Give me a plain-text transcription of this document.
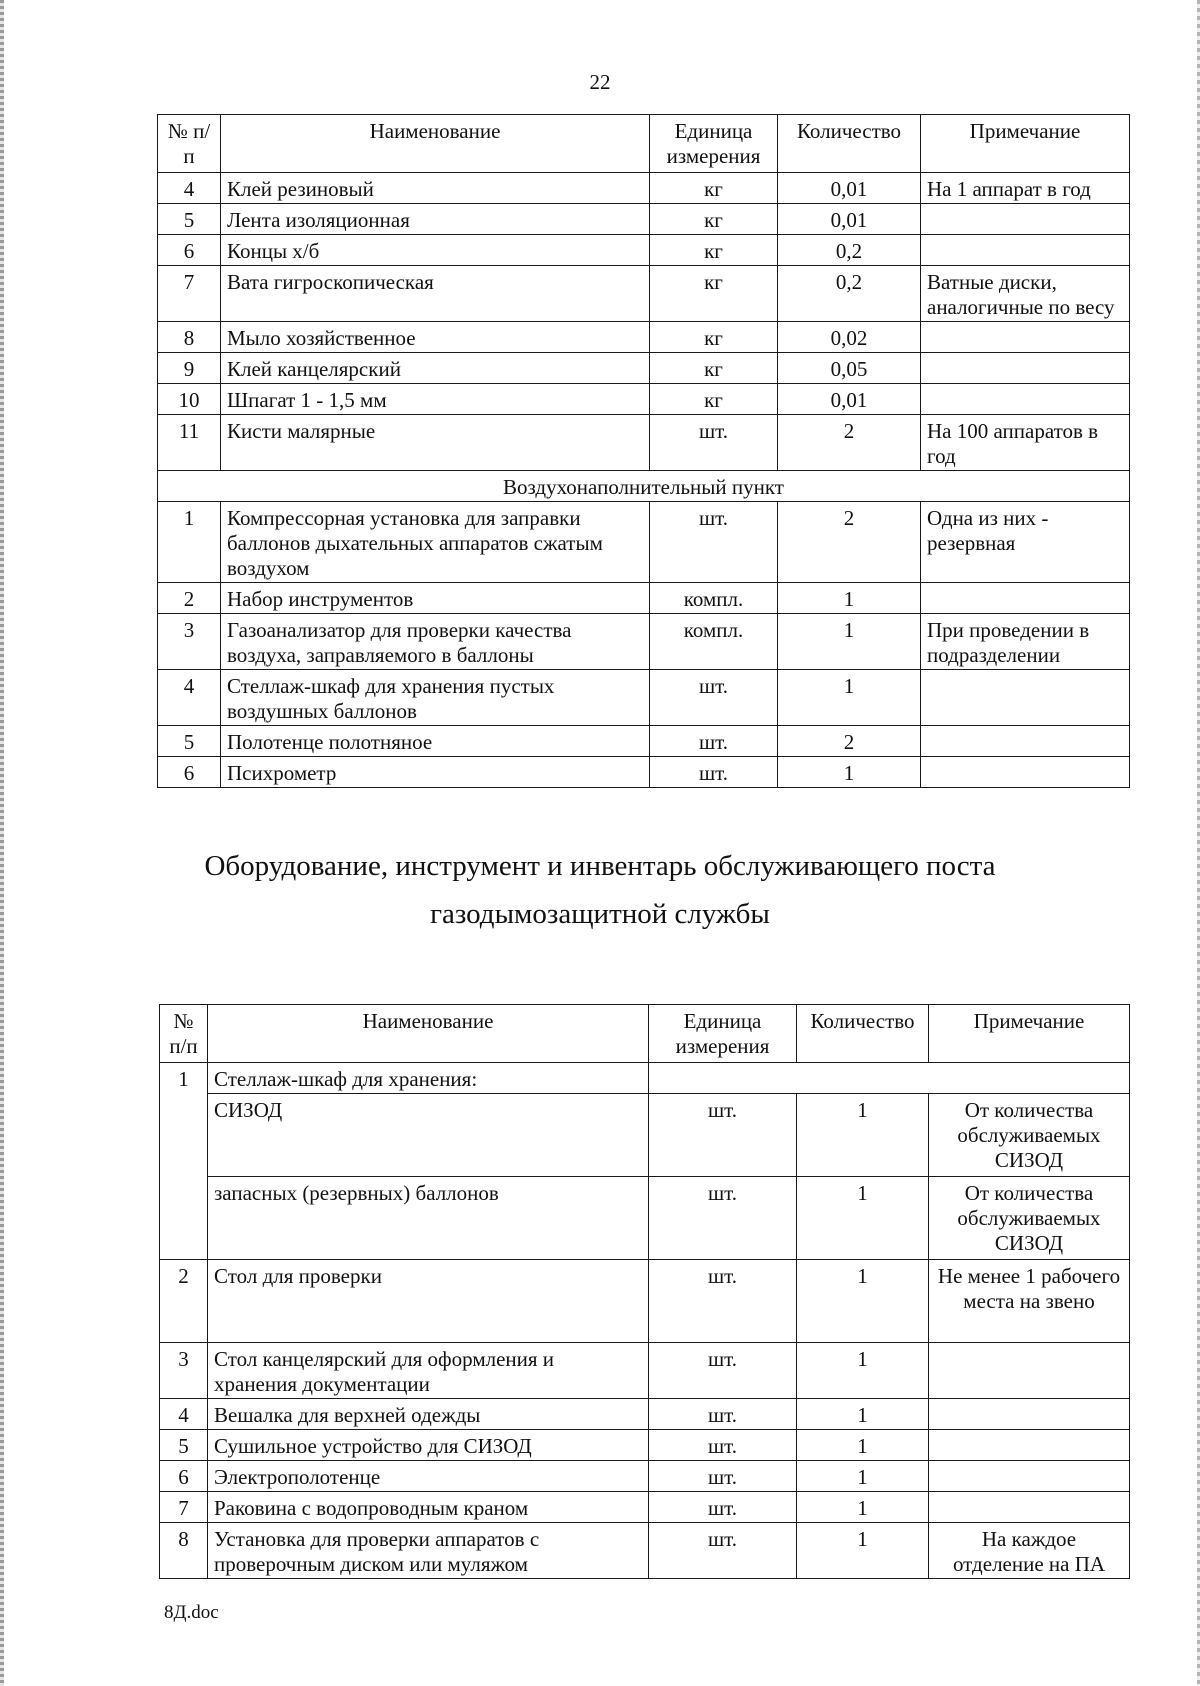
22
№ п/п	Наименование	Единица измерения	Количество	Примечание
4	Клей резиновый	кг	0,01	На 1 аппарат в год
5	Лента изоляционная	кг	0,01	
6	Концы х/б	кг	0,2	
7	Вата гигроскопическая	кг	0,2	Ватные диски, аналогичные по весу
8	Мыло хозяйственное	кг	0,02	
9	Клей канцелярский	кг	0,05	
10	Шпагат 1 - 1,5 мм	кг	0,01	
11	Кисти малярные	шт.	2	На 100 аппаратов в год
Воздухонаполнительный пункт				
1	Компрессорная установка для заправки баллонов дыхательных аппаратов сжатым воздухом	шт.	2	Одна из них - резервная
2	Набор инструментов	компл.	1	
3	Газоанализатор для проверки качества воздуха, заправляемого в баллоны	компл.	1	При проведении в подразделении
4	Стеллаж-шкаф для хранения пустых воздушных баллонов	шт.	1	
5	Полотенце полотняное	шт.	2	
6	Психрометр	шт.	1	
Оборудование, инструмент и инвентарь обслуживающего поста
газодымозащитной службы
№ п/п	Наименование	Единица измерения	Количество	Примечание
1	Стеллаж-шкаф для хранения:			
	СИЗОД	шт.	1	От количества обслуживаемых СИЗОД
	запасных (резервных) баллонов	шт.	1	От количества обслуживаемых СИЗОД
2	Стол для проверки	шт.	1	Не менее 1 рабочего места на звено
3	Стол канцелярский для оформления и хранения документации	шт.	1	
4	Вешалка для верхней одежды	шт.	1	
5	Сушильное устройство для СИЗОД	шт.	1	
6	Электрополотенце	шт.	1	
7	Раковина с водопроводным краном	шт.	1	
8	Установка для проверки аппаратов с проверочным диском или муляжом	шт.	1	На каждое отделение на ПА
8Д.doc
